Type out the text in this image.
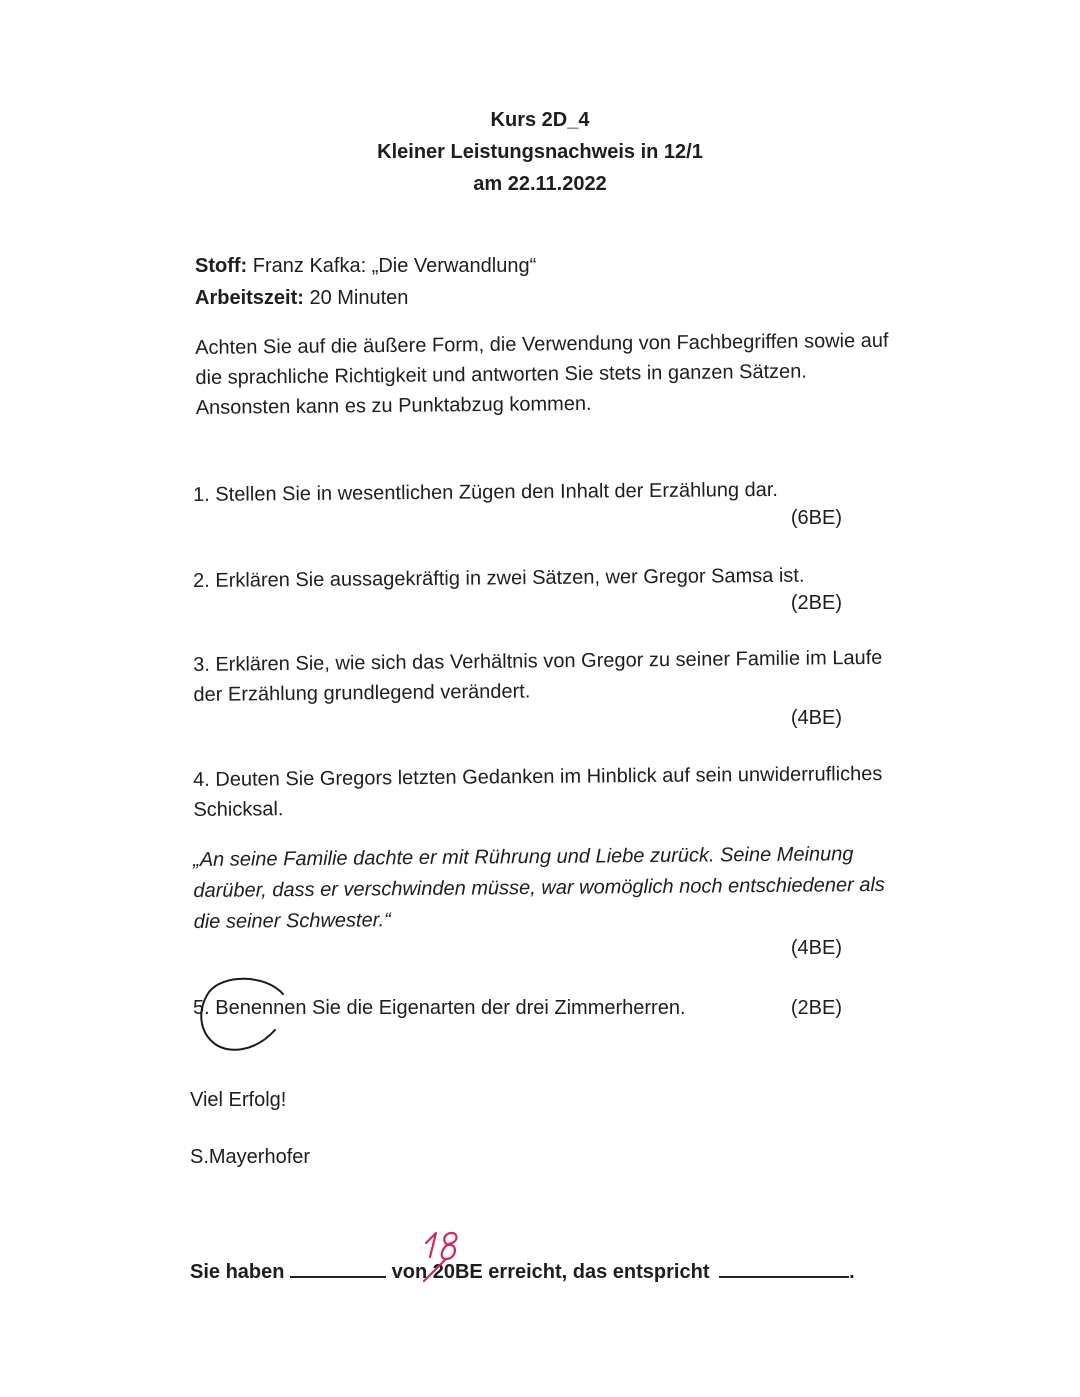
Kurs 2D_4
Kleiner Leistungsnachweis in 12/1
am 22.11.2022
Stoff: Franz Kafka: „Die Verwandlung“
Arbeitszeit: 20 Minuten
Achten Sie auf die äußere Form, die Verwendung von Fachbegriffen sowie auf die sprachliche Richtigkeit und antworten Sie stets in ganzen Sätzen. Ansonsten kann es zu Punktabzug kommen.
1. Stellen Sie in wesentlichen Zügen den Inhalt der Erzählung dar.
(6BE)
2. Erklären Sie aussagekräftig in zwei Sätzen, wer Gregor Samsa ist.
(2BE)
3. Erklären Sie, wie sich das Verhältnis von Gregor zu seiner Familie im Laufe der Erzählung grundlegend verändert.
(4BE)
4. Deuten Sie Gregors letzten Gedanken im Hinblick auf sein unwiderrufliches Schicksal.
„An seine Familie dachte er mit Rührung und Liebe zurück. Seine Meinung darüber, dass er verschwinden müsse, war womöglich noch entschiedener als die seiner Schwester.“
(4BE)
5. Benennen Sie die Eigenarten der drei Zimmerherren.	(2BE)
Viel Erfolg!
S.Mayerhofer
Sie haben	von 20BE erreicht, das entspricht	.
